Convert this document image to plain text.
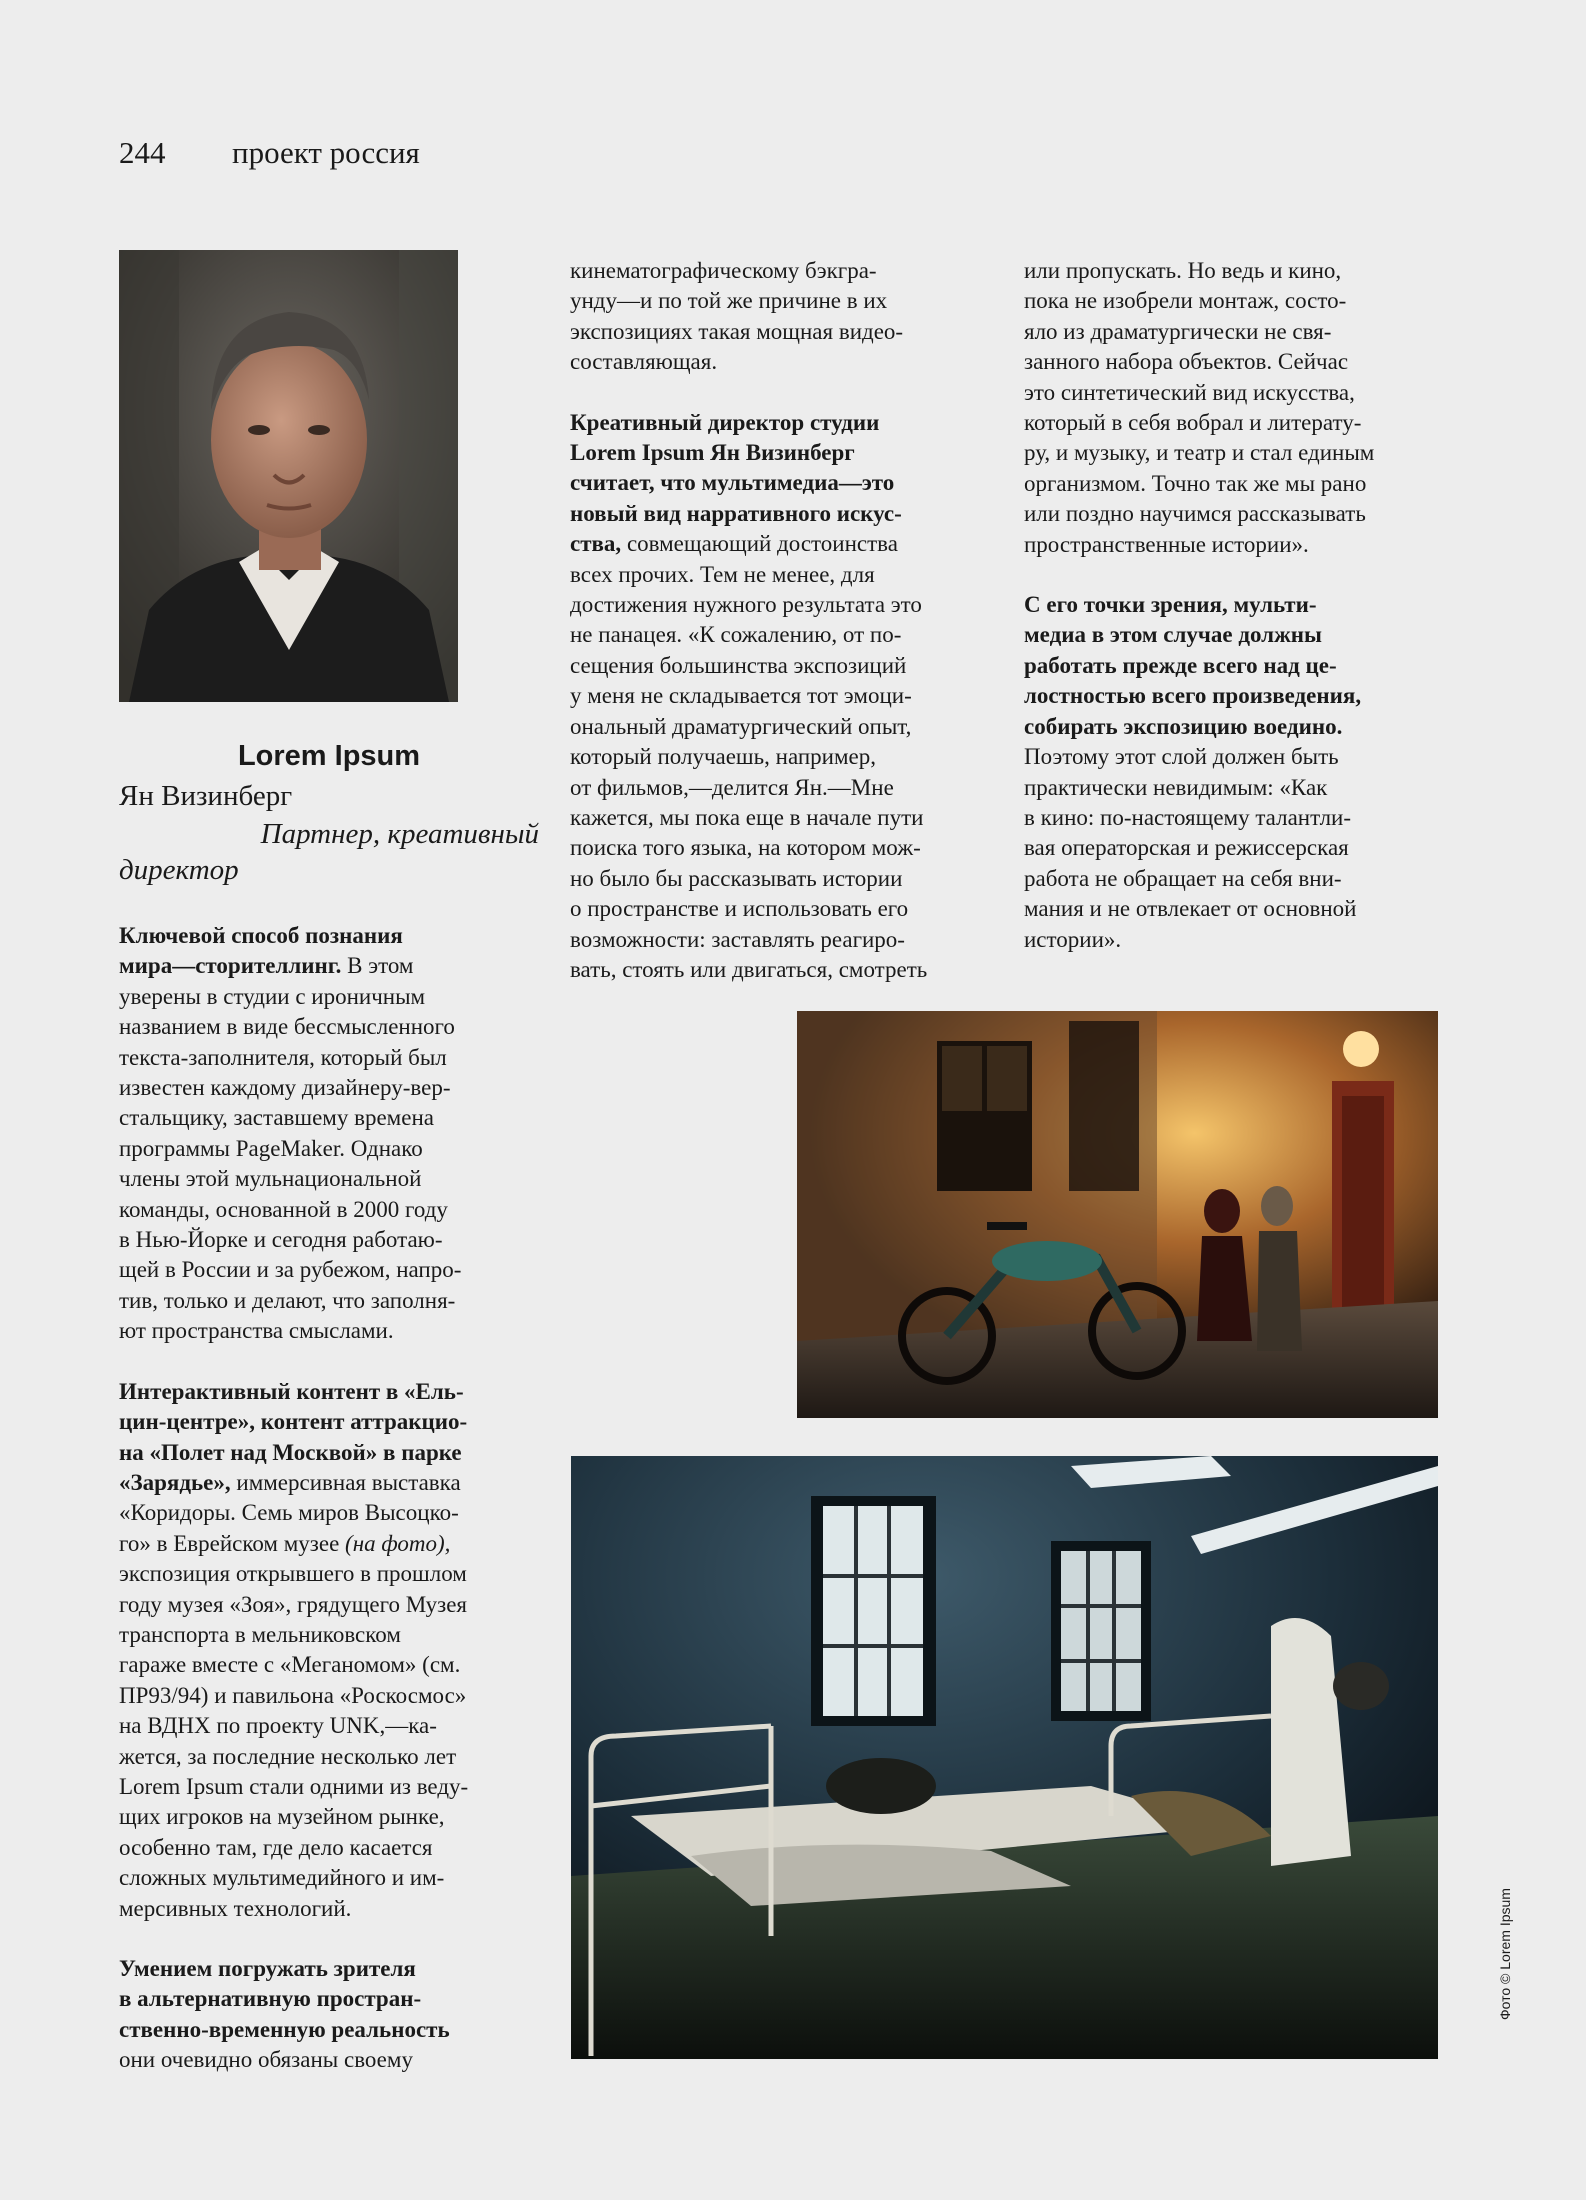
244 проект россия
Lorem Ipsum
Ян Визинберг
Партнер, креативный
директор

Ключевой способ познания
мира—сторителлинг. В этом
уверены в студии с ироничным
названием в виде бессмысленного
текста-заполнителя, который был
известен каждому дизайнеру-вер-
стальщику, заставшему времена
программы PageMaker. Однако
члены этой мульнациональной
команды, основанной в 2000 году
в Нью-Йорке и сегодня работаю-
щей в России и за рубежом, напро-
тив, только и делают, что заполня-
ют пространства смыслами.

Интерактивный контент в «Ель-
цин-центре», контент аттракцио-
на «Полет над Москвой» в парке
«Зарядье», иммерсивная выставка
«Коридоры. Семь миров Высоцко-
го» в Еврейском музее (на фото),
экспозиция открывшего в прошлом
году музея «Зоя», грядущего Музея
транспорта в мельниковском
гараже вместе с «Меганомом» (см.
ПР93/94) и павильона «Роскосмос»
на ВДНХ по проекту UNK,—ка-
жется, за последние несколько лет
Lorem Ipsum стали одними из веду-
щих игроков на музейном рынке,
особенно там, где дело касается
сложных мультимедийного и им-
мерсивных технологий.

Умением погружать зрителя
в альтернативную простран-
ственно-временную реальность
они очевидно обязаны своему

кинематографическому бэкгра-
унду—и по той же причине в их
экспозициях такая мощная видео-
составляющая.

Креативный директор студии
Lorem Ipsum Ян Визинберг
считает, что мультимедиа—это
новый вид нарративного искус-
ства, совмещающий достоинства
всех прочих. Тем не менее, для
достижения нужного результата это
не панацея. «К сожалению, от по-
сещения большинства экспозиций
у меня не складывается тот эмоци-
ональный драматургический опыт,
который получаешь, например,
от фильмов,—делится Ян.—Мне
кажется, мы пока еще в начале пути
поиска того языка, на котором мож-
но было бы рассказывать истории
о пространстве и использовать его
возможности: заставлять реагиро-
вать, стоять или двигаться, смотреть

или пропускать. Но ведь и кино,
пока не изобрели монтаж, состо-
яло из драматургически не свя-
занного набора объектов. Сейчас
это синтетический вид искусства,
который в себя вобрал и литерату-
ру, и музыку, и театр и стал единым
организмом. Точно так же мы рано
или поздно научимся рассказывать
пространственные истории».

С его точки зрения, мульти-
медиа в этом случае должны
работать прежде всего над це-
лостностью всего произведения,
собирать экспозицию воедино.
Поэтому этот слой должен быть
практически невидимым: «Как
в кино: по-настоящему талантли-
вая операторская и режиссерская
работа не обращает на себя вни-
мания и не отвлекает от основной
истории».

Фото © Lorem Ipsum
